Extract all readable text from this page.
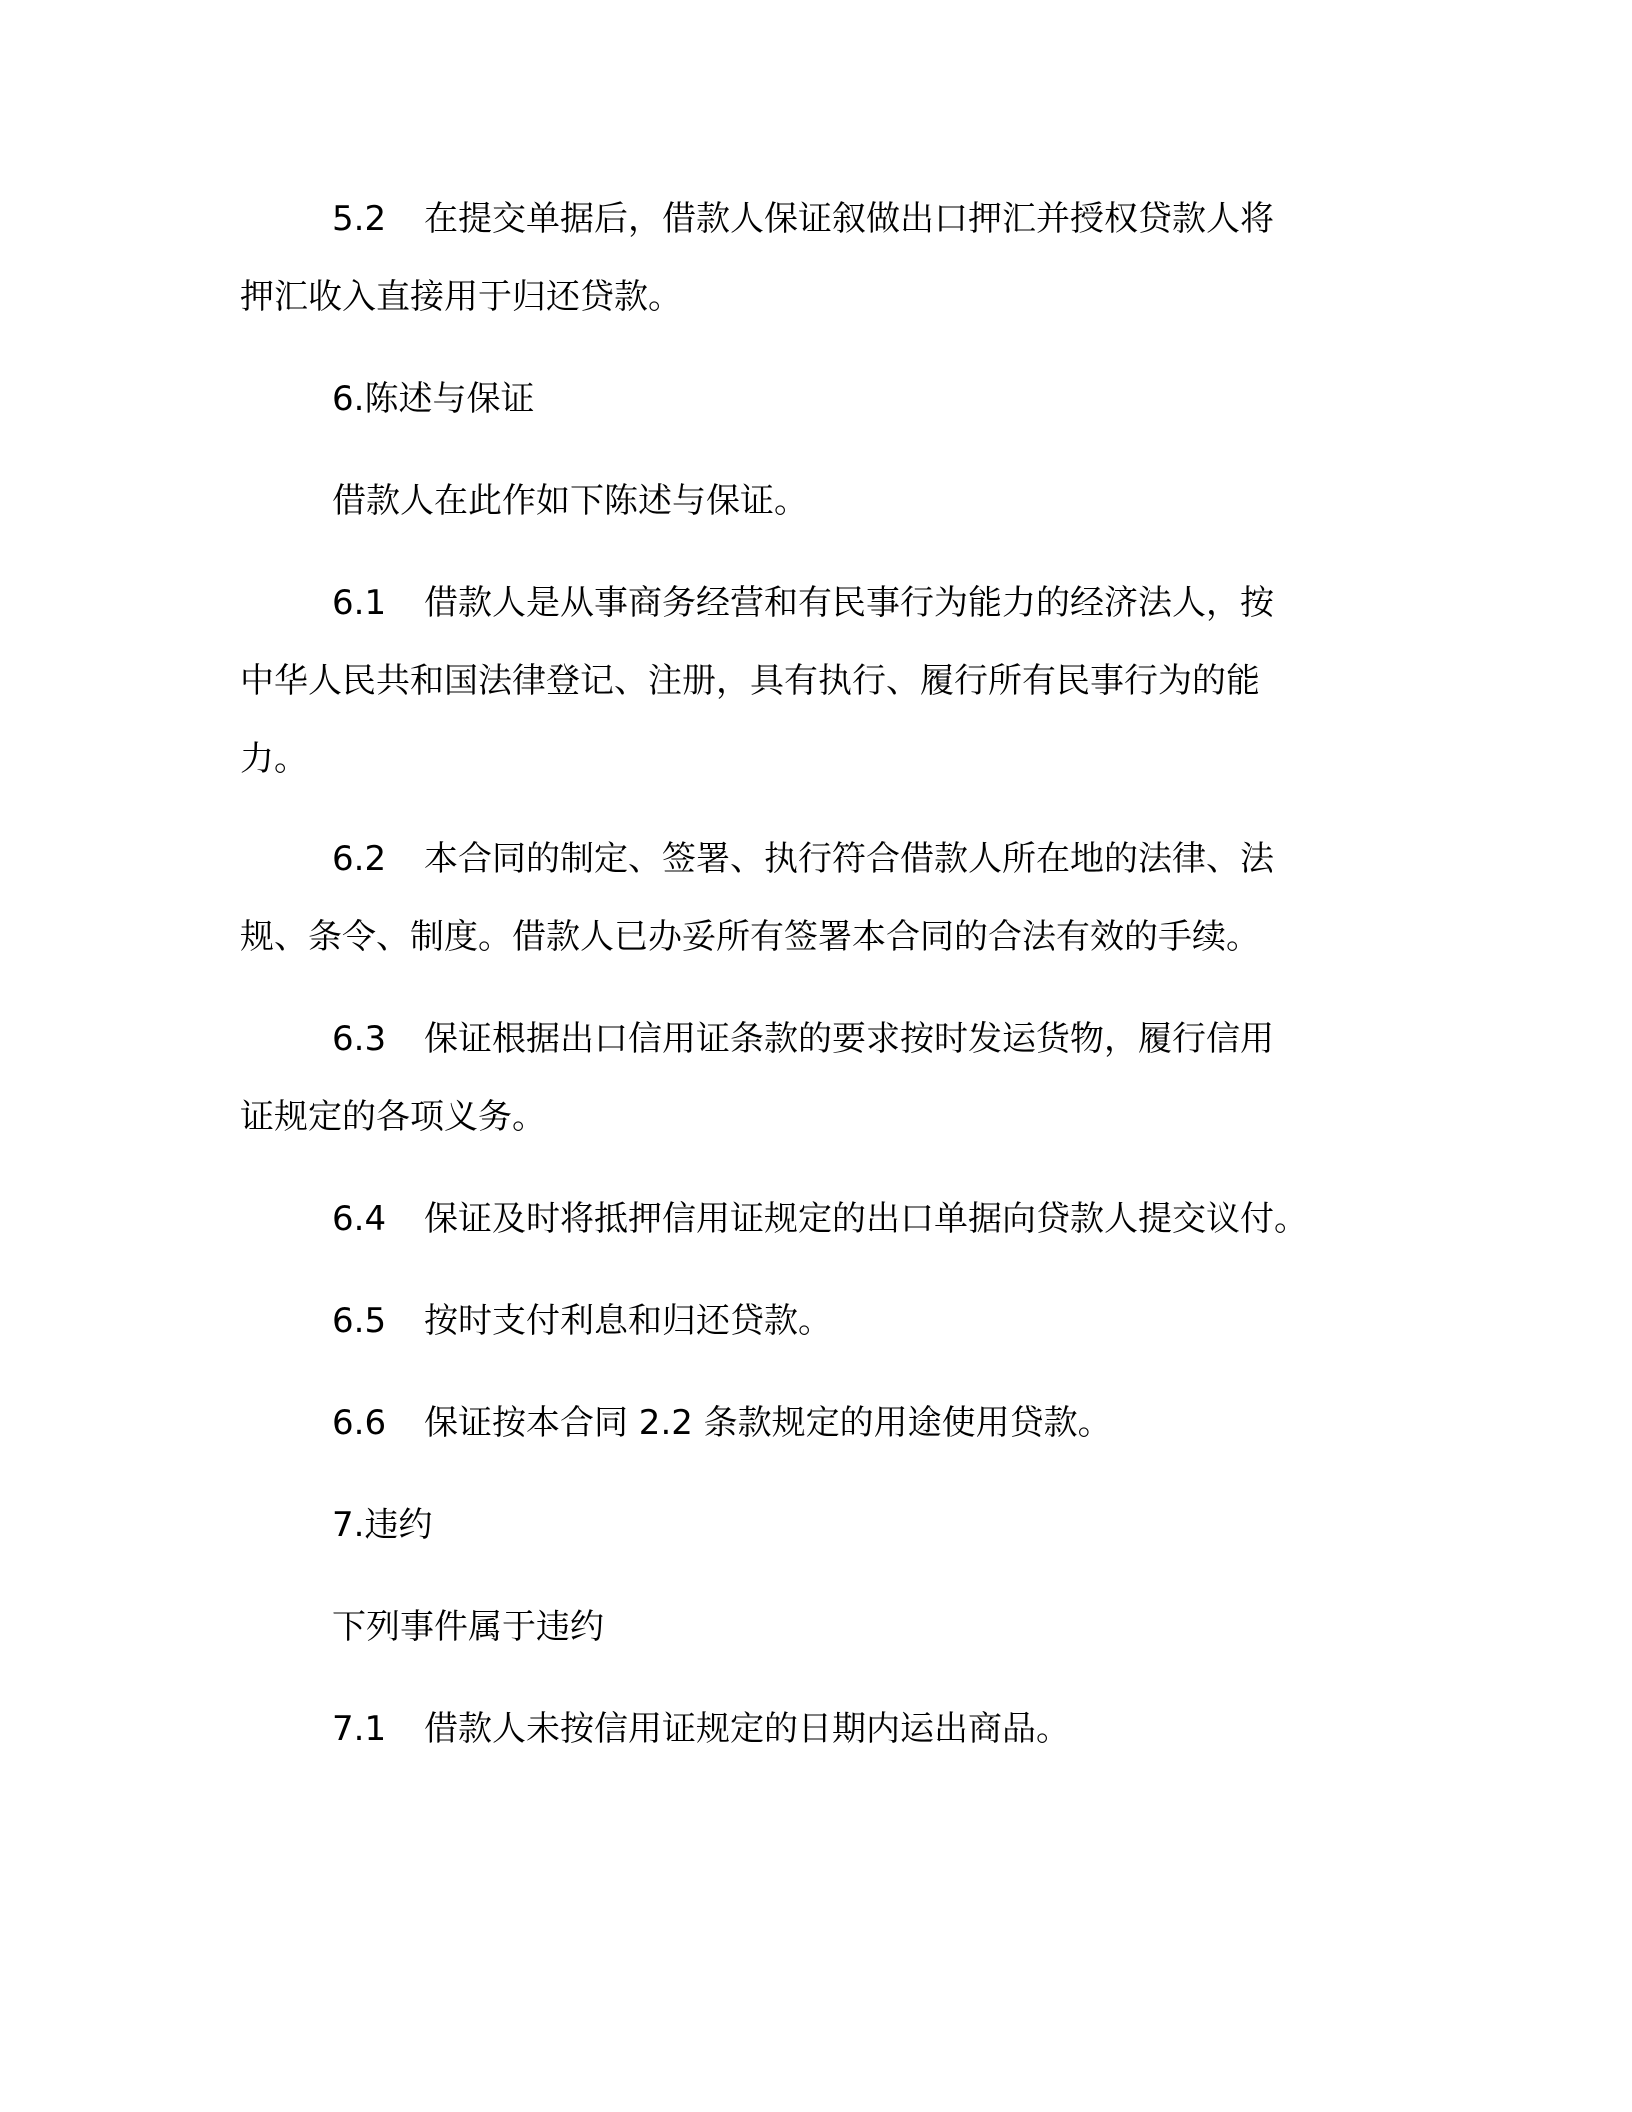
5.2 在提交单据后，借款人保证叙做出口押汇并授权贷款人将

押汇收入直接用于归还贷款。

6.陈述与保证

借款人在此作如下陈述与保证。

6.1 借款人是从事商务经营和有民事行为能力的经济法人，按

中华人民共和国法律登记、注册，具有执行、履行所有民事行为的能

力。

6.2 本合同的制定、签署、执行符合借款人所在地的法律、法

规、条令、制度。借款人已办妥所有签署本合同的合法有效的手续。

6.3 保证根据出口信用证条款的要求按时发运货物，履行信用

证规定的各项义务。

6.4 保证及时将抵押信用证规定的出口单据向贷款人提交议付。

6.5 按时支付利息和归还贷款。

6.6 保证按本合同 2.2 条款规定的用途使用贷款。

7.违约

下列事件属于违约

7.1 借款人未按信用证规定的日期内运出商品。
